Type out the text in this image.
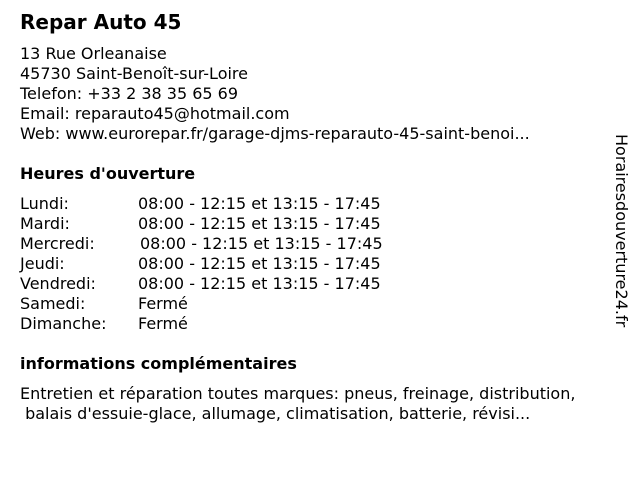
Repar Auto 45
13 Rue Orleanaise
45730 Saint-Benoît-sur-Loire
Telefon: +33 2 38 35 65 69
Email: reparauto45@hotmail.com
Web: www.eurorepar.fr/garage-djms-reparauto-45-saint-benoi...
Heures d'ouverture
Lundi:	08:00 - 12:15 et 13:15 - 17:45
Mardi:	08:00 - 12:15 et 13:15 - 17:45
Mercredi:	08:00 - 12:15 et 13:15 - 17:45
Jeudi:	08:00 - 12:15 et 13:15 - 17:45
Vendredi:	08:00 - 12:15 et 13:15 - 17:45
Samedi:	Fermé
Dimanche: Fermé
informations complémentaires
Entretien et réparation toutes marques: pneus, freinage, distribution,
balais d'essuie-glace, allumage, climatisation, batterie, révisi...
Horairesdouverture24.fr
